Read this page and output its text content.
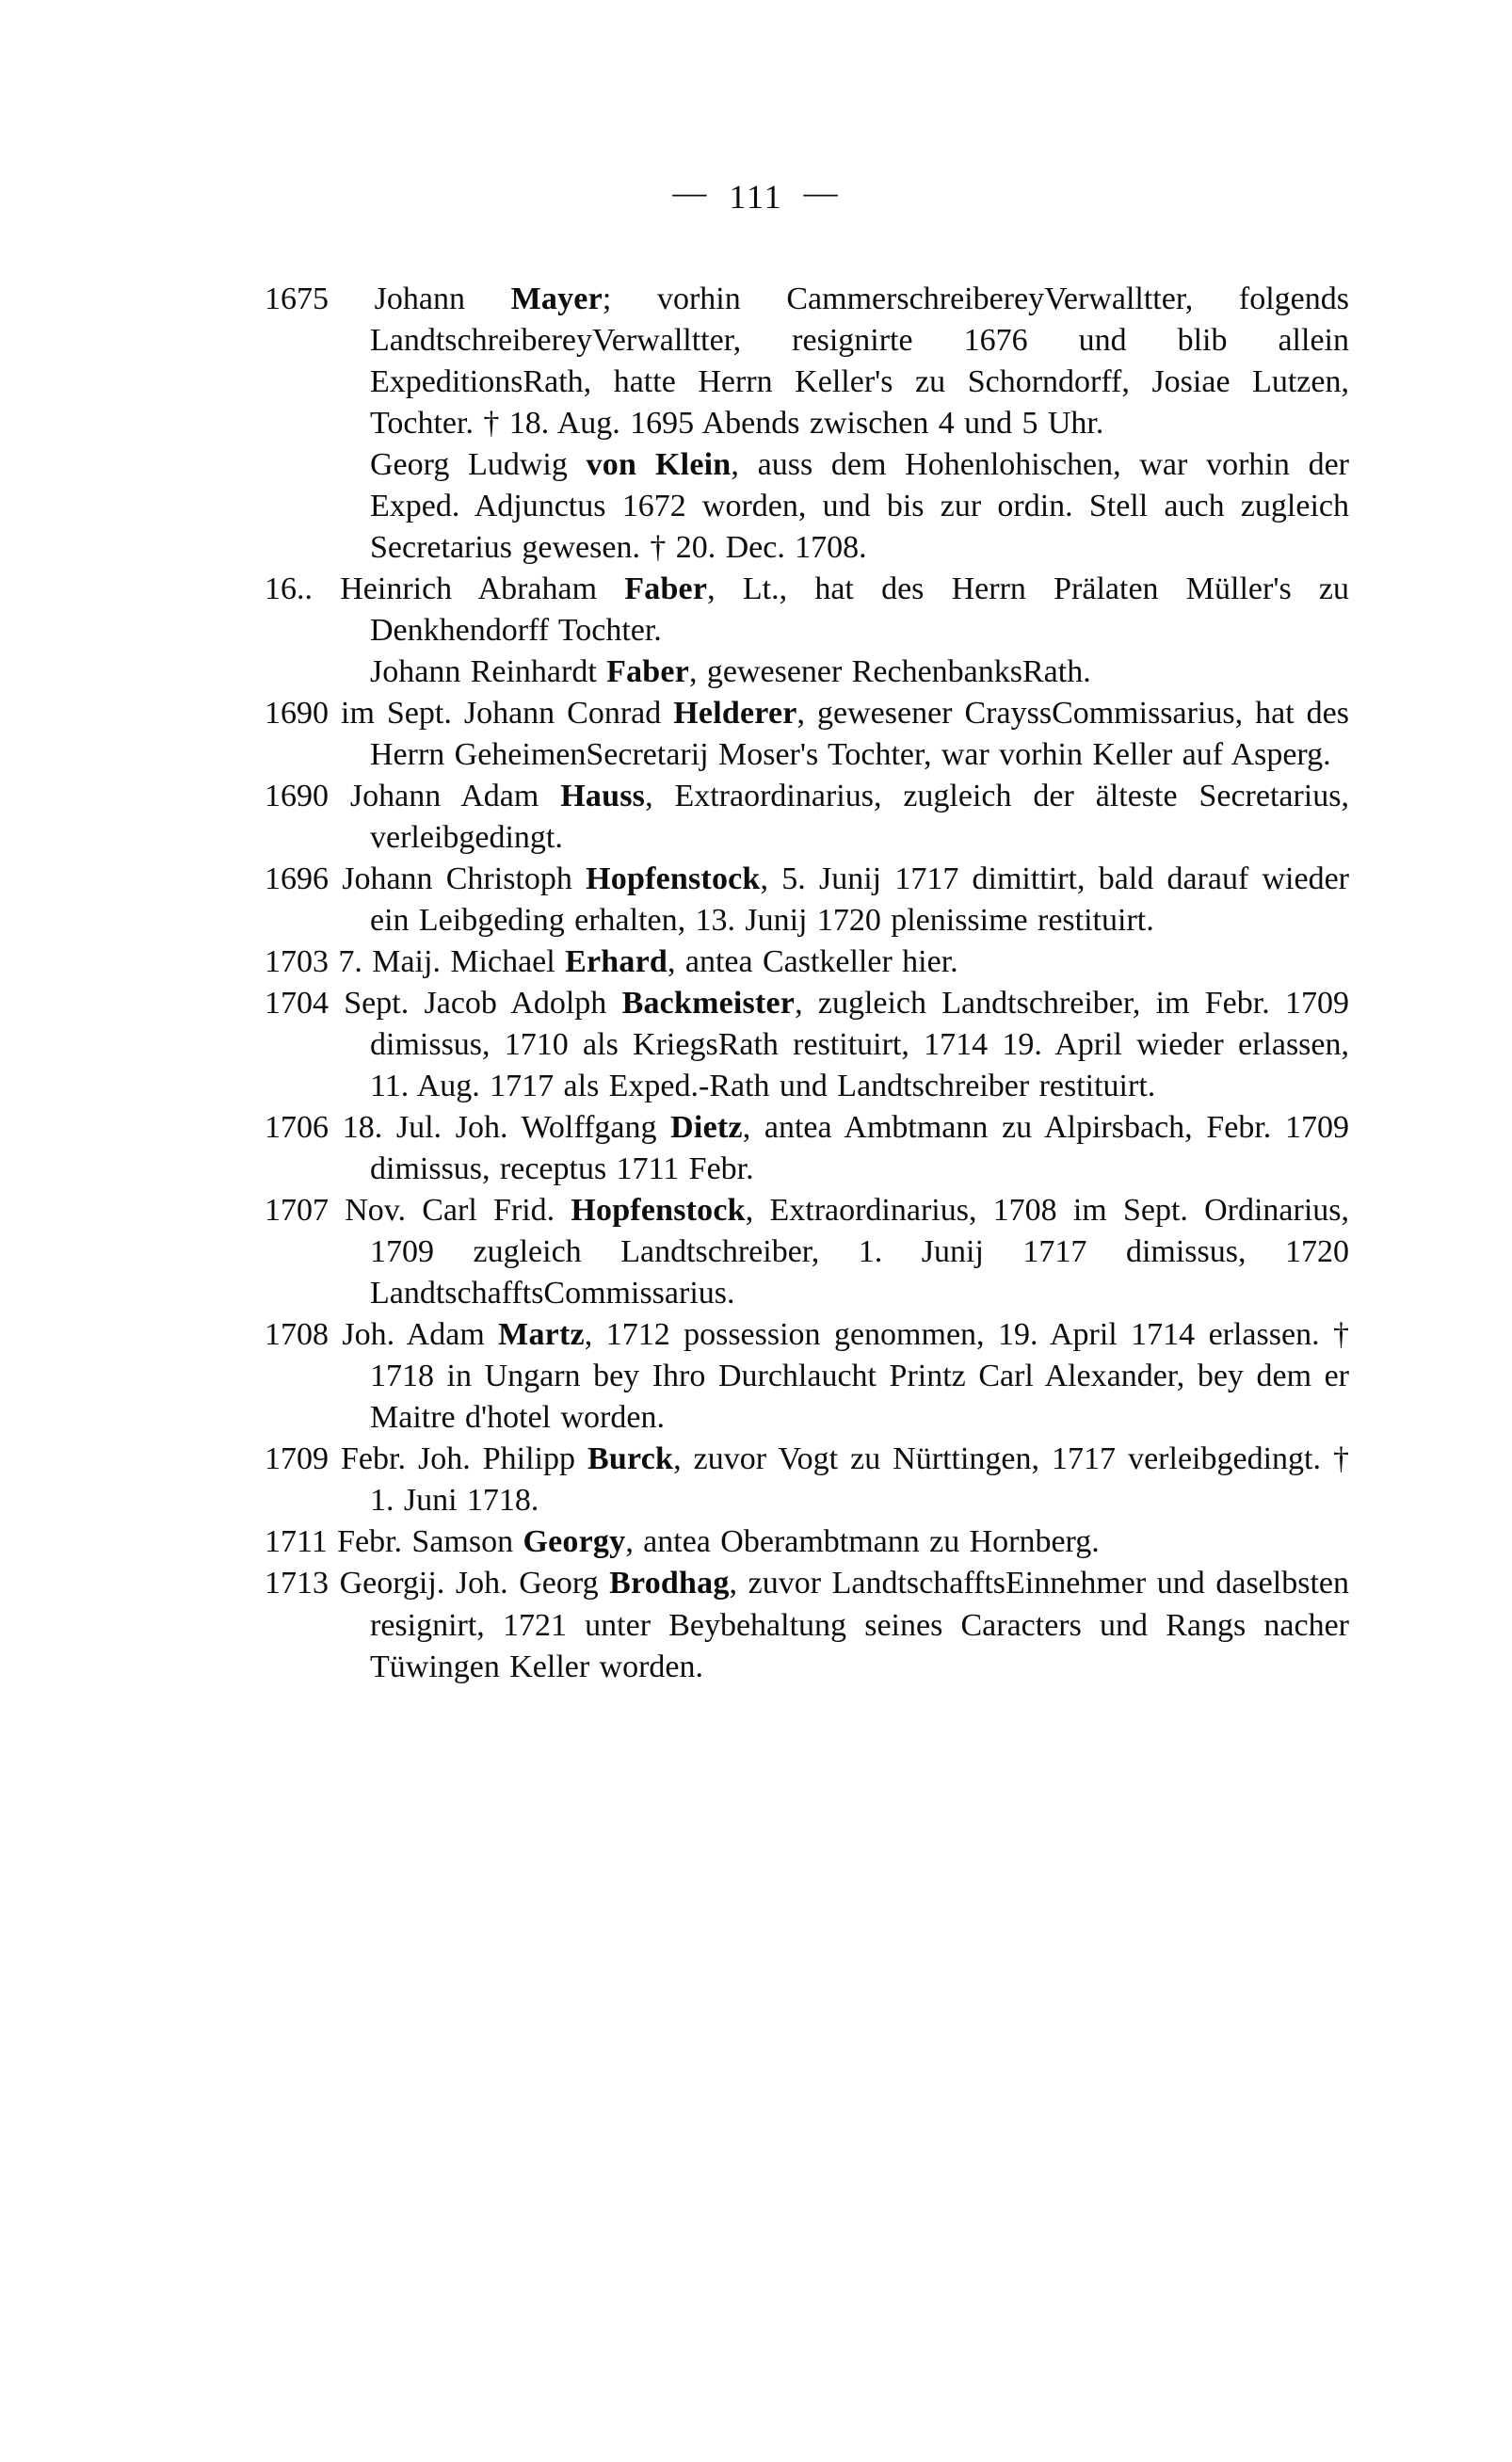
— 111 —

1675 Johann Mayer; vorhin CammerschreibereyVerwalltter, folgends LandtschreibereyVerwalltter, resignirte 1676 und blib allein ExpeditionsRath, hatte Herrn Keller's zu Schorndorff, Josiae Lutzen, Tochter. † 18. Aug. 1695 Abends zwischen 4 und 5 Uhr.

Georg Ludwig von Klein, auss dem Hohenlohischen, war vorhin der Exped. Adjunctus 1672 worden, und bis zur ordin. Stell auch zugleich Secretarius gewesen. † 20. Dec. 1708.

16.. Heinrich Abraham Faber, Lt., hat des Herrn Prälaten Müller's zu Denkhendorff Tochter.

Johann Reinhardt Faber, gewesener RechenbanksRath.

1690 im Sept. Johann Conrad Helderer, gewesener CrayssCommissarius, hat des Herrn GeheimenSecretarij Moser's Tochter, war vorhin Keller auf Asperg.

1690 Johann Adam Hauss, Extraordinarius, zugleich der älteste Secretarius, verleibgedingt.

1696 Johann Christoph Hopfenstock, 5. Junij 1717 dimittirt, bald darauf wieder ein Leibgeding erhalten, 13. Junij 1720 plenissime restituirt.

1703 7. Maij. Michael Erhard, antea Castkeller hier.

1704 Sept. Jacob Adolph Backmeister, zugleich Landtschreiber, im Febr. 1709 dimissus, 1710 als KriegsRath restituirt, 1714 19. April wieder erlassen, 11. Aug. 1717 als Exped.-Rath und Landtschreiber restituirt.

1706 18. Jul. Joh. Wolffgang Dietz, antea Ambtmann zu Alpirsbach, Febr. 1709 dimissus, receptus 1711 Febr.

1707 Nov. Carl Frid. Hopfenstock, Extraordinarius, 1708 im Sept. Ordinarius, 1709 zugleich Landtschreiber, 1. Junij 1717 dimissus, 1720 LandtschafftsCommissarius.

1708 Joh. Adam Martz, 1712 possession genommen, 19. April 1714 erlassen. † 1718 in Ungarn bey Ihro Durchlaucht Printz Carl Alexander, bey dem er Maitre d'hotel worden.

1709 Febr. Joh. Philipp Burck, zuvor Vogt zu Nürttingen, 1717 verleibgedingt. † 1. Juni 1718.

1711 Febr. Samson Georgy, antea Oberambtmann zu Hornberg.

1713 Georgij. Joh. Georg Brodhag, zuvor LandtschafftsEinnehmer und daselbsten resignirt, 1721 unter Beybehaltung seines Caracters und Rangs nacher Tüwingen Keller worden.
